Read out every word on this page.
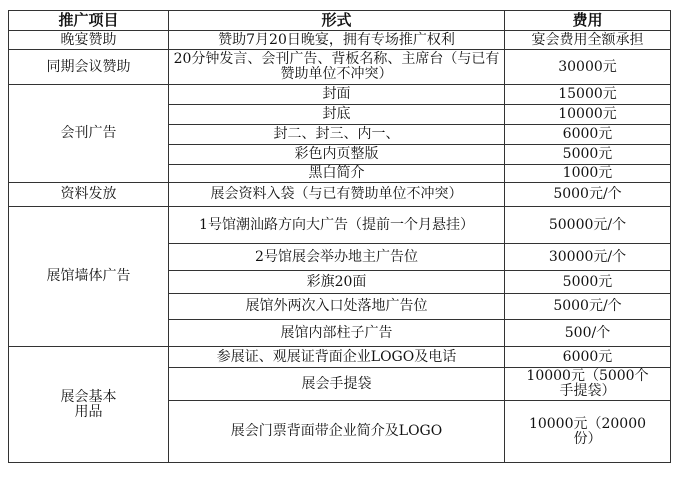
推广项目	形式	费用
晚宴赞助	赞助7月20日晚宴，拥有专场推广权利	宴会费用全额承担
同期会议赞助	20分钟发言、会刊广告、背板名称、主席台（与已有赞助单位不冲突）	30000元
会刊广告	封面	15000元
	封底	10000元
	封二、封三、内一、	6000元
	彩色内页整版	5000元
	黑白简介	1000元
资料发放	展会资料入袋（与已有赞助单位不冲突）	5000元/个
展馆墙体广告	1号馆潮汕路方向大广告（提前一个月悬挂）	50000元/个
	2号馆展会举办地主广告位	30000元/个
	彩旗20面	5000元
	展馆外两次入口处落地广告位	5000元/个
	展馆内部柱子广告	500/个
展会基本用品	参展证、观展证背面企业LOGO及电话	6000元
	展会手提袋	10000元（5000个手提袋）
	展会门票背面带企业简介及LOGO	10000元（20000份）
